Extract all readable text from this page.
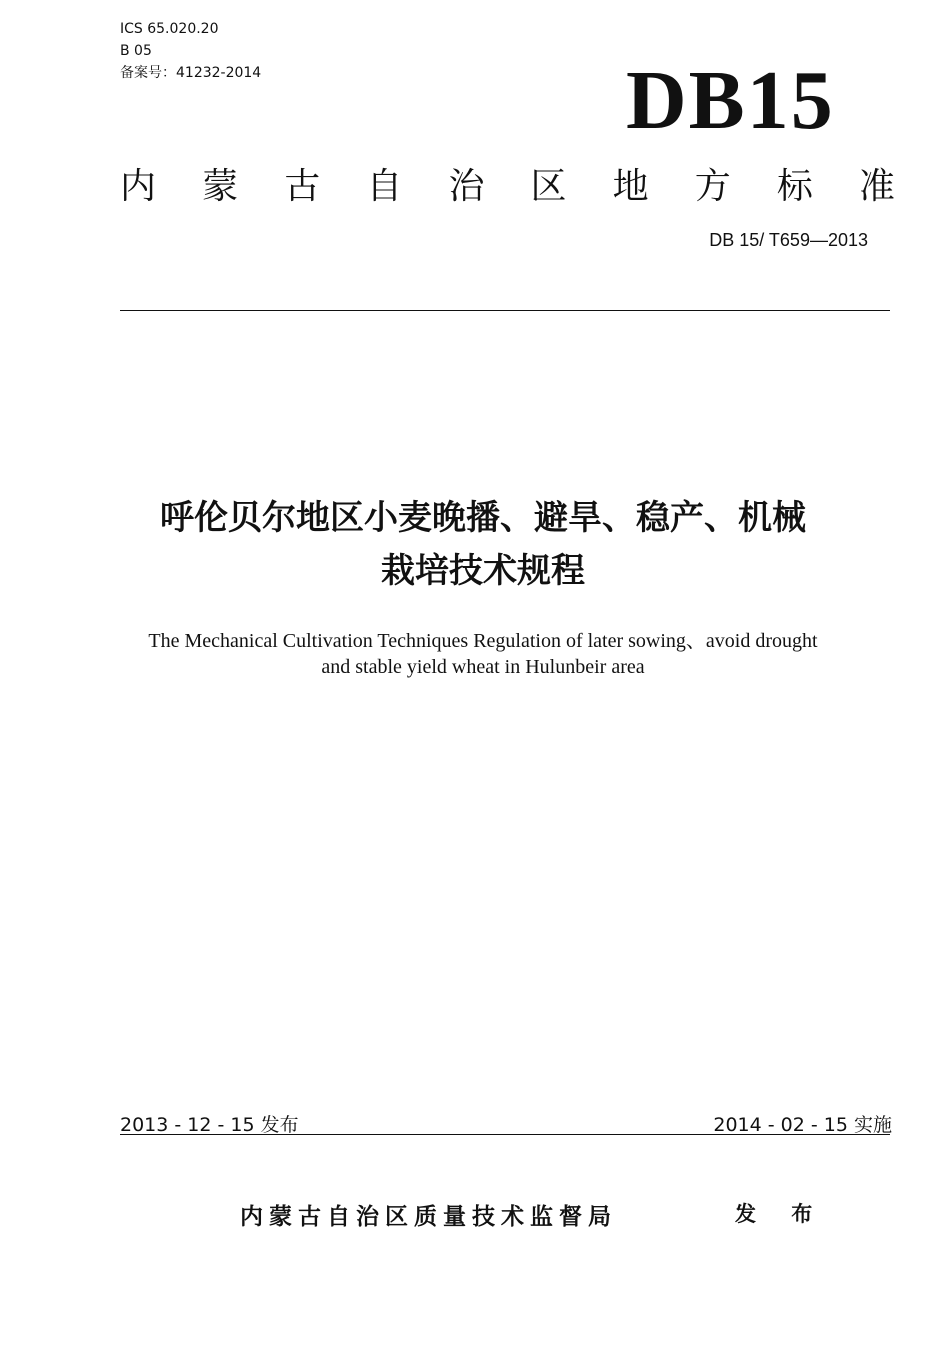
ICS 65.020.20
B 05
备案号：41232-2014	DB15
内 蒙 古 自 治 区 地 方 标 准
DB 15/ T659—2013
呼伦贝尔地区小麦晚播、避旱、稳产、机械
栽培技术规程
The Mechanical Cultivation Techniques Regulation of later sowing、avoid drought
and stable yield wheat in Hulunbeir area
2013 - 12 - 15 发布	2014 - 02 - 15 实施
内蒙古自治区质量技术监督局	发 布
